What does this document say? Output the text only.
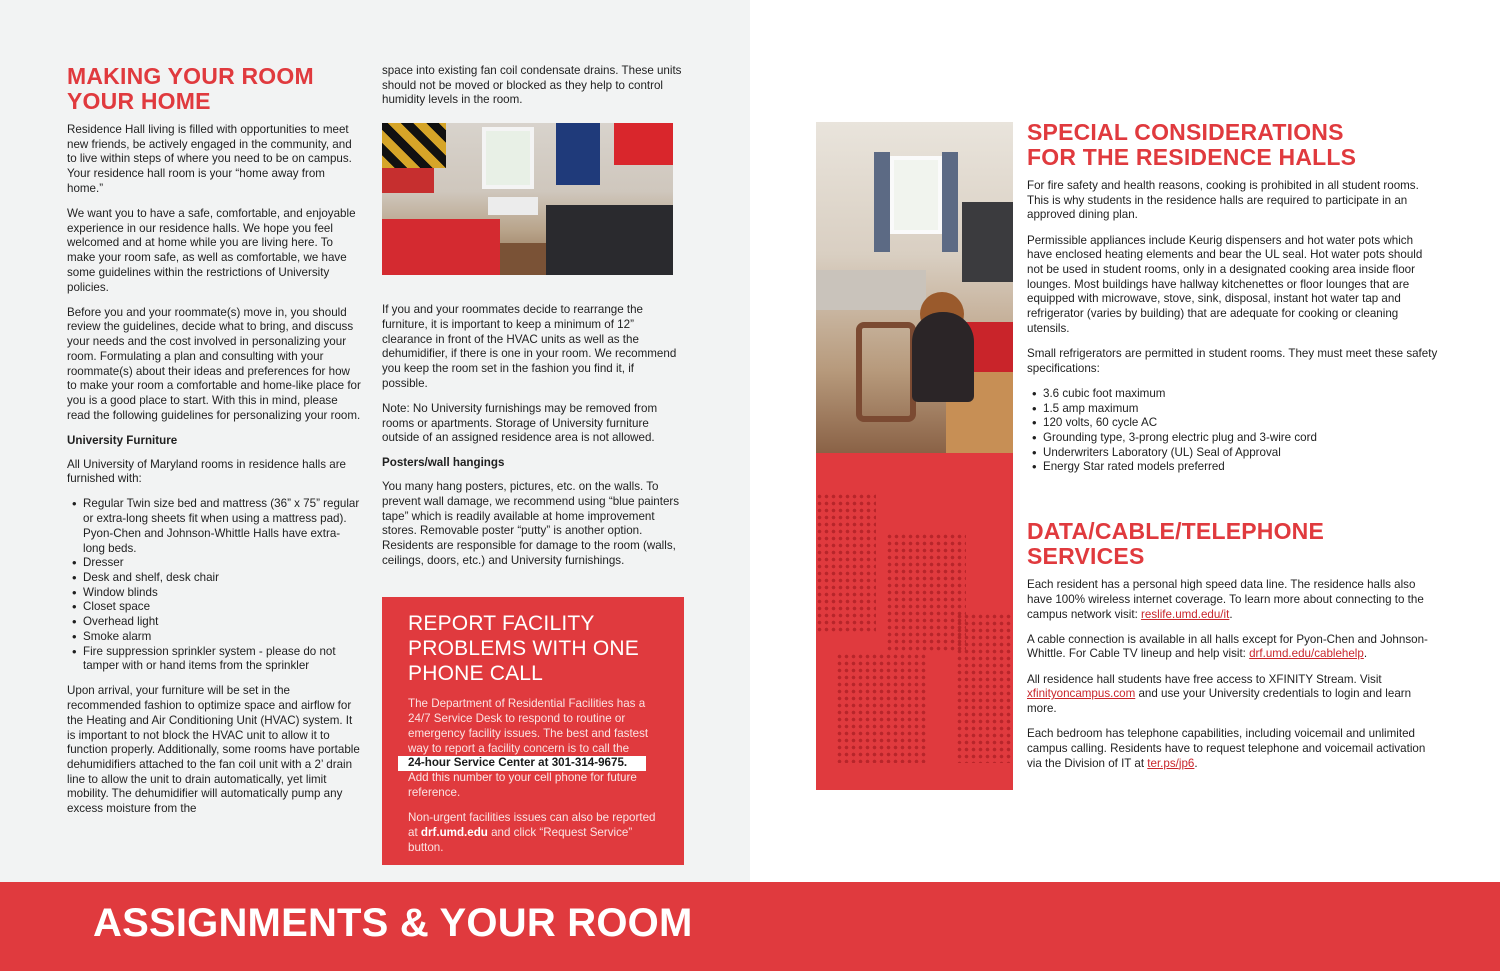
MAKING YOUR ROOM
YOUR HOME

Residence Hall living is filled with opportunities to meet new friends, be actively engaged in the community, and to live within steps of where you need to be on campus. Your residence hall room is your “home away from home.”

We want you to have a safe, comfortable, and enjoyable experience in our residence halls. We hope you feel welcomed and at home while you are living here. To make your room safe, as well as comfortable, we have some guidelines within the restrictions of University policies.

Before you and your roommate(s) move in, you should review the guidelines, decide what to bring, and discuss your needs and the cost involved in personalizing your room. Formulating a plan and consulting with your roommate(s) about their ideas and preferences for how to make your room a comfortable and home-like place for you is a good place to start. With this in mind, please read the following guidelines for personalizing your room.

University Furniture

All University of Maryland rooms in residence halls are furnished with:

• Regular Twin size bed and mattress (36” x 75” regular or extra-long sheets fit when using a mattress pad). Pyon-Chen and Johnson-Whittle Halls have extra-long beds.
• Dresser
• Desk and shelf, desk chair
• Window blinds
• Closet space
• Overhead light
• Smoke alarm
• Fire suppression sprinkler system - please do not tamper with or hand items from the sprinkler

Upon arrival, your furniture will be set in the recommended fashion to optimize space and airflow for the Heating and Air Conditioning Unit (HVAC) system. It is important to not block the HVAC unit to allow it to function properly. Additionally, some rooms have portable dehumidifiers attached to the fan coil unit with a 2’ drain line to allow the unit to drain automatically, yet limit mobility. The dehumidifier will automatically pump any excess moisture from the

space into existing fan coil condensate drains. These units should not be moved or blocked as they help to control humidity levels in the room.

If you and your roommates decide to rearrange the furniture, it is important to keep a minimum of 12” clearance in front of the HVAC units as well as the dehumidifier, if there is one in your room. We recommend you keep the room set in the fashion you find it, if possible.

Note: No University furnishings may be removed from rooms or apartments. Storage of University furniture outside of an assigned residence area is not allowed.

Posters/wall hangings

You many hang posters, pictures, etc. on the walls. To prevent wall damage, we recommend using “blue painters tape” which is readily available at home improvement stores. Removable poster “putty” is another option. Residents are responsible for damage to the room (walls, ceilings, doors, etc.) and University furnishings.

REPORT FACILITY
PROBLEMS WITH ONE
PHONE CALL

The Department of Residential Facilities has a 24/7 Service Desk to respond to routine or emergency facility issues. The best and fastest way to report a facility concern is to call the
24-hour Service Center at 301-314-9675.
Add this number to your cell phone for future reference.

Non-urgent facilities issues can also be reported at drf.umd.edu and click “Request Service” button.

SPECIAL CONSIDERATIONS
FOR THE RESIDENCE HALLS

For fire safety and health reasons, cooking is prohibited in all student rooms. This is why students in the residence halls are required to participate in an approved dining plan.

Permissible appliances include Keurig dispensers and hot water pots which have enclosed heating elements and bear the UL seal. Hot water pots should not be used in student rooms, only in a designated cooking area inside floor lounges. Most buildings have hallway kitchenettes or floor lounges that are equipped with microwave, stove, sink, disposal, instant hot water tap and refrigerator (varies by building) that are adequate for cooking or cleaning utensils.

Small refrigerators are permitted in student rooms. They must meet these safety specifications:

• 3.6 cubic foot maximum
• 1.5 amp maximum
• 120 volts, 60 cycle AC
• Grounding type, 3-prong electric plug and 3-wire cord
• Underwriters Laboratory (UL) Seal of Approval
• Energy Star rated models preferred
DATA/CABLE/TELEPHONE
SERVICES

Each resident has a personal high speed data line. The residence halls also have 100% wireless internet coverage. To learn more about connecting to the campus network visit: reslife.umd.edu/it.

A cable connection is available in all halls except for Pyon-Chen and Johnson-Whittle. For Cable TV lineup and help visit: drf.umd.edu/cablehelp.

All residence hall students have free access to XFINITY Stream. Visit xfinityoncampus.com and use your University credentials to login and learn more.

Each bedroom has telephone capabilities, including voicemail and unlimited campus calling. Residents have to request telephone and voicemail activation via the Division of IT at ter.ps/jp6.

ASSIGNMENTS & YOUR ROOM
